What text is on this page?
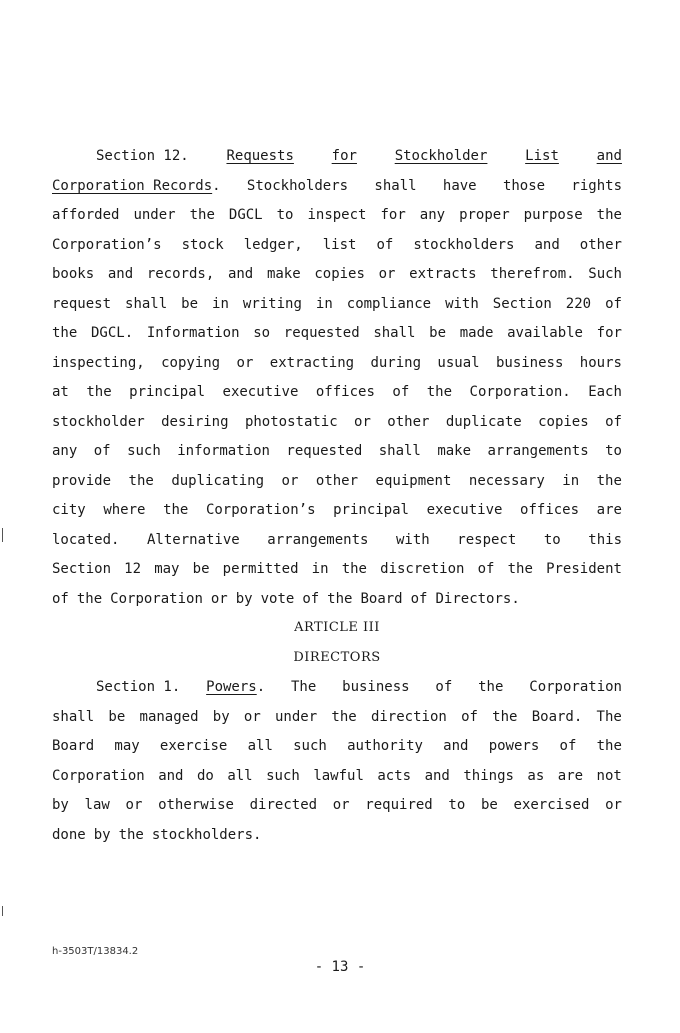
Section 12.	Requests	for	Stockholder	List	and
Corporation Records. Stockholders shall have those rights
afforded under the DGCL to inspect for any proper purpose the
Corporation’s stock ledger, list of stockholders and other
books and records, and make copies or extracts therefrom. Such
request shall be in writing in compliance with Section 220 of
the DGCL. Information so requested shall be made available for
inspecting, copying or extracting during usual business hours
at the principal executive offices of the Corporation. Each
stockholder desiring photostatic or other duplicate copies of
any of such information requested shall make arrangements to
provide the duplicating or other equipment necessary in the
city where the Corporation’s principal executive offices are
located. Alternative arrangements with respect to this
Section 12 may be permitted in the discretion of the President
of the Corporation or by vote of the Board of Directors.
ARTICLE III
DIRECTORS
Section 1. Powers. The business of the Corporation
shall be managed by or under the direction of the Board. The
Board may exercise all such authority and powers of the
Corporation and do all such lawful acts and things as are not
by law or otherwise directed or required to be exercised or
done by the stockholders.
h-3503T/13834.2
- 13 -
